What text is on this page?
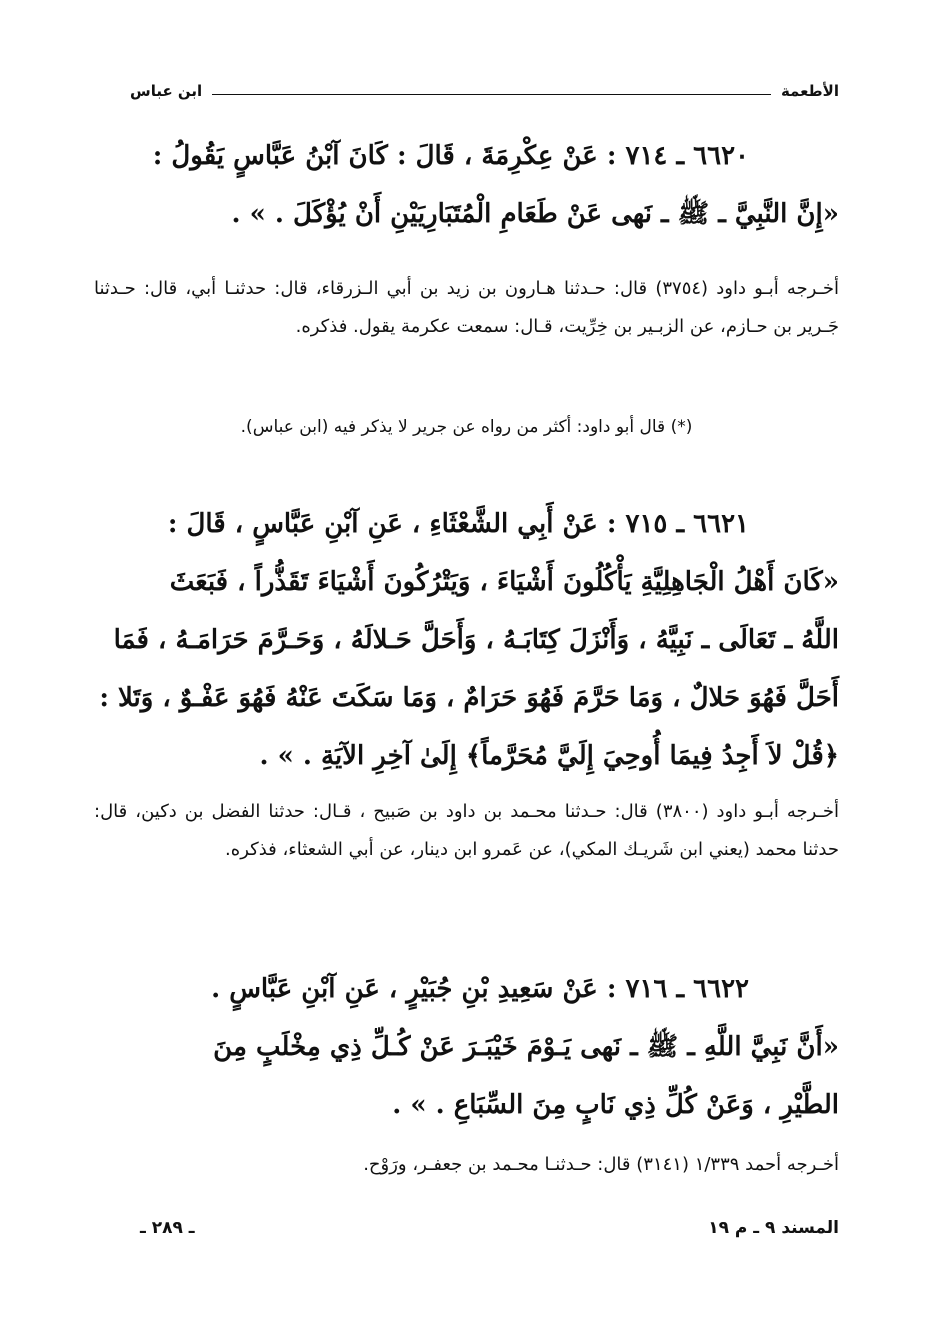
الأطعمة
ابن عباس
٦٦٢٠ ـ ٧١٤ : عَنْ عِكْرِمَةَ ، قَالَ : كَانَ آبْنُ عَبَّاسٍ يَقُولُ :
«إِنَّ النَّبِيَّ ـ ﷺ ـ نَهى عَنْ طَعَامِ الْمُتَبَارِيَيْنِ أَنْ يُؤْكَلَ . » .
أخـرجه أبـو داود (٣٧٥٤) قال: حـدثنا هـارون بن زيد بن أبي الـزرقاء، قال: حدثنـا أبي، قال: حـدثنا جَـرير بن حـازم، عن الزبـير بن خِرِّيت، قـال: سمعت عكرمة يقول. فذكره.
(*) قال أبو داود: أكثر من رواه عن جرير لا يذكر فيه (ابن عباس).
٦٦٢١ ـ ٧١٥ : عَنْ أَبِي الشَّعْثَاءِ ، عَنِ آبْنِ عَبَّاسٍ ، قَالَ :
«كَانَ أَهْلُ الْجَاهِلِيَّةِ يَأْكُلُونَ أَشْيَاءَ ، وَيَتْرُكُونَ أَشْيَاءَ تَقَذُّراً ، فَبَعَثَ
اللَّهُ ـ تَعَالَى ـ نَبِيَّهُ ، وَأَنْزَلَ كِتَابَـهُ ، وَأَحَلَّ حَـلالَهُ ، وَحَـرَّمَ حَرَامَـهُ ، فَمَا
أَحَلَّ فَهُوَ حَلالٌ ، وَمَا حَرَّمَ فَهُوَ حَرَامٌ ، وَمَا سَكَتَ عَنْهُ فَهُوَ عَفْـوٌ ، وَتَلا :
﴿قُلْ لاَ أَجِدُ فِيمَا أُوحِيَ إِلَيَّ مُحَرَّماً﴾ إِلَىٰ آخِرِ الآيَةِ . » .
أخـرجه أبـو داود (٣٨٠٠) قال: حـدثنا محـمد بن داود بن صَبيح ، قـال: حدثنا الفضل بن دكين، قال: حدثنا محمد (يعني ابن شَريـك المكي)، عن عَمرو ابن دينار، عن أبي الشعثاء، فذكره.
٦٦٢٢ ـ ٧١٦ : عَنْ سَعِيدِ بْنِ جُبَيْرٍ ، عَنِ آبْنِ عَبَّاسٍ .
«أَنَّ نَبِيَّ اللَّهِ ـ ﷺ ـ نَهى يَـوْمَ خَيْبَـرَ عَنْ كُـلِّ ذِي مِخْلَبٍ مِنَ
الطَّيْرِ ، وَعَنْ كُلِّ ذِي نَابٍ مِنَ السِّبَاعِ . » .
أخـرجه أحمد ١/٣٣٩ (٣١٤١) قال: حـدثنـا محـمد بن جعفـر، ورَوْح.
المسند ٩ ـ م ١٩
ـ ٢٨٩ ـ
